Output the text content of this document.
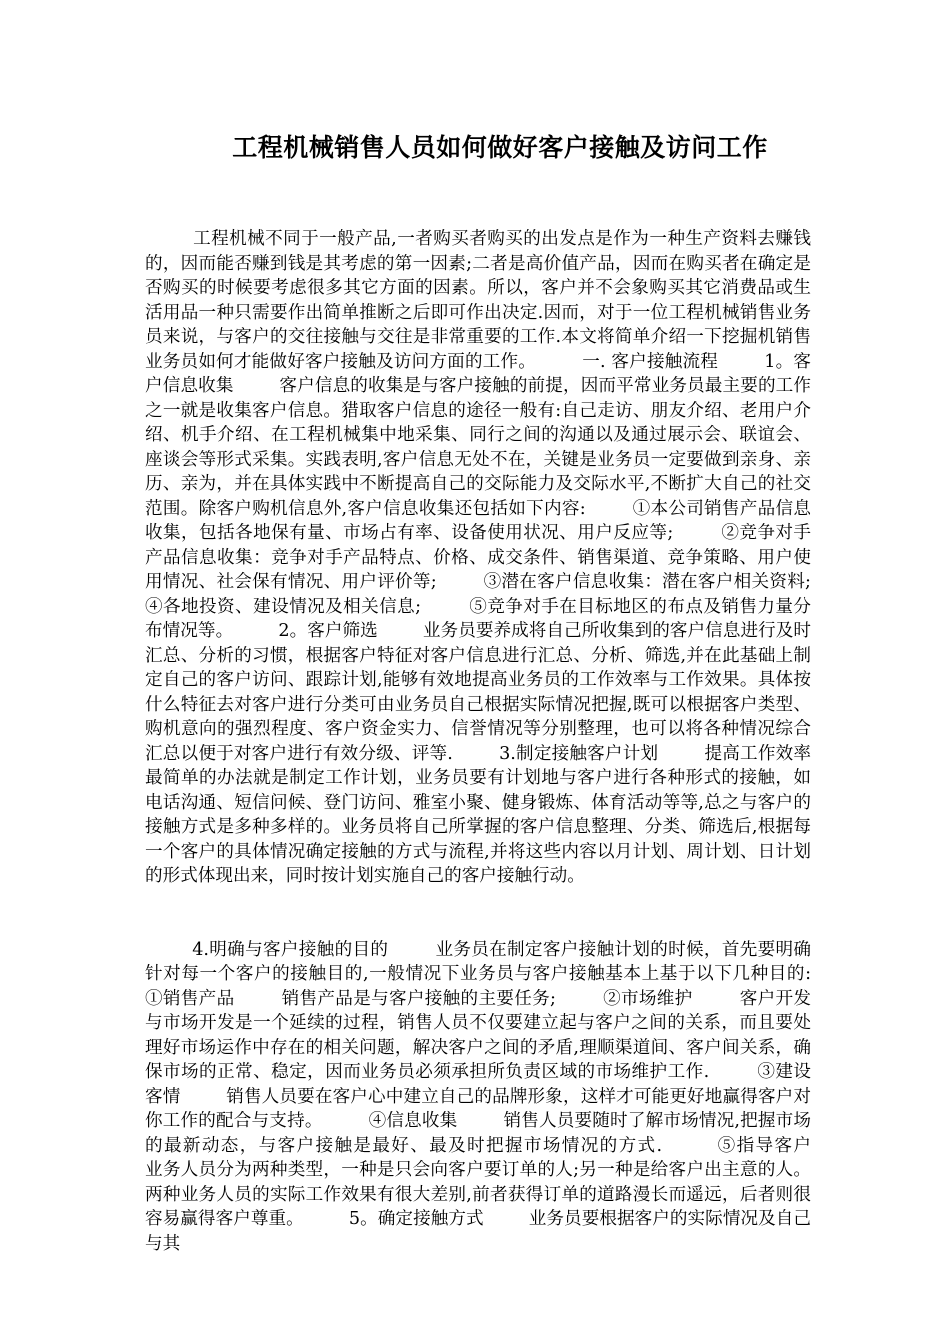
工程机械销售人员如何做好客户接触及访问工作

工程机械不同于一般产品,一者购买者购买的出发点是作为一种生产资料去赚钱的，因而能否赚到钱是其考虑的第一因素;二者是高价值产品，因而在购买者在确定是否购买的时候要考虑很多其它方面的因素。所以，客户并不会象购买其它消费品或生活用品一种只需要作出简单推断之后即可作出决定.因而，对于一位工程机械销售业务员来说，与客户的交往接触与交往是非常重要的工作.本文将简单介绍一下挖掘机销售业务员如何才能做好客户接触及访问方面的工作。        一. 客户接触流程        1。客户信息收集        客户信息的收集是与客户接触的前提，因而平常业务员最主要的工作之一就是收集客户信息。猎取客户信息的途径一般有:自己走访、朋友介绍、老用户介绍、机手介绍、在工程机械集中地采集、同行之间的沟通以及通过展示会、联谊会、座谈会等形式采集。实践表明,客户信息无处不在，关键是业务员一定要做到亲身、亲历、亲为，并在具体实践中不断提高自己的交际能力及交际水平,不断扩大自己的社交范围。除客户购机信息外,客户信息收集还包括如下内容:        ①本公司销售产品信息收集，包括各地保有量、市场占有率、设备使用状况、用户反应等;        ②竞争对手产品信息收集：竞争对手产品特点、价格、成交条件、销售渠道、竞争策略、用户使用情况、社会保有情况、用户评价等;        ③潜在客户信息收集：潜在客户相关资料;        ④各地投资、建设情况及相关信息;        ⑤竞争对手在目标地区的布点及销售力量分布情况等。        2。客户筛选        业务员要养成将自己所收集到的客户信息进行及时汇总、分析的习惯，根据客户特征对客户信息进行汇总、分析、筛选,并在此基础上制定自己的客户访问、跟踪计划,能够有效地提高业务员的工作效率与工作效果。具体按什么特征去对客户进行分类可由业务员自己根据实际情况把握,既可以根据客户类型、购机意向的强烈程度、客户资金实力、信誉情况等分别整理，也可以将各种情况综合汇总以便于对客户进行有效分级、评等.        3.制定接触客户计划        提高工作效率最简单的办法就是制定工作计划，业务员要有计划地与客户进行各种形式的接触，如电话沟通、短信问候、登门访问、雅室小聚、健身锻炼、体育活动等等,总之与客户的接触方式是多种多样的。业务员将自己所掌握的客户信息整理、分类、筛选后,根据每一个客户的具体情况确定接触的方式与流程,并将这些内容以月计划、周计划、日计划的形式体现出来，同时按计划实施自己的客户接触行动。

4.明确与客户接触的目的        业务员在制定客户接触计划的时候，首先要明确针对每一个客户的接触目的,一般情况下业务员与客户接触基本上基于以下几种目的:        ①销售产品        销售产品是与客户接触的主要任务;        ②市场维护        客户开发与市场开发是一个延续的过程，销售人员不仅要建立起与客户之间的关系，而且要处理好市场运作中存在的相关问题，解决客户之间的矛盾,理顺渠道间、客户间关系，确保市场的正常、稳定，因而业务员必须承担所负责区域的市场维护工作.        ③建设客情        销售人员要在客户心中建立自己的品牌形象，这样才可能更好地赢得客户对你工作的配合与支持。        ④信息收集        销售人员要随时了解市场情况,把握市场的最新动态，与客户接触是最好、最及时把握市场情况的方式.        ⑤指导客户        业务人员分为两种类型，一种是只会向客户要订单的人;另一种是给客户出主意的人。两种业务人员的实际工作效果有很大差别,前者获得订单的道路漫长而遥远，后者则很容易赢得客户尊重。        5。确定接触方式        业务员要根据客户的实际情况及自己与其
